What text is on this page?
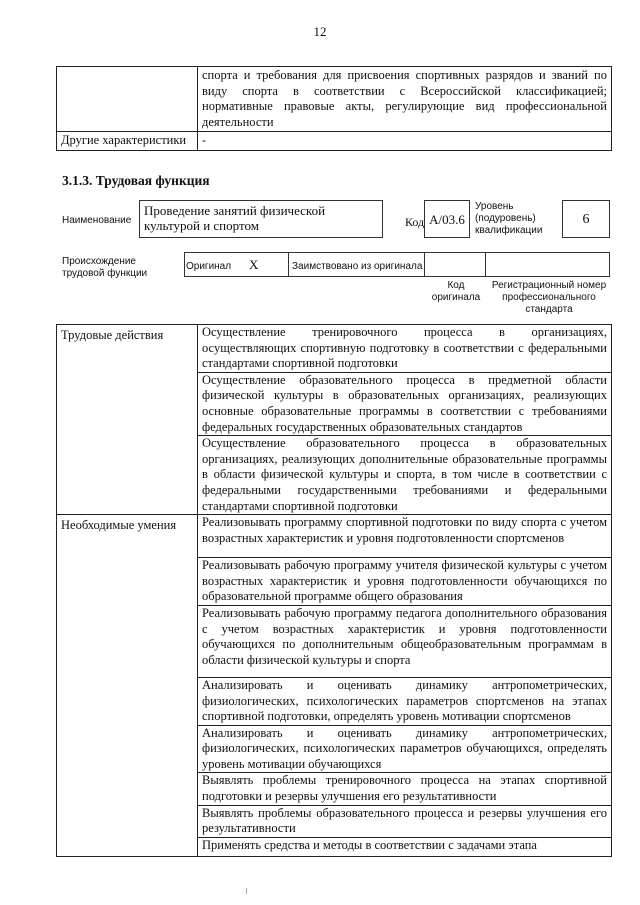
12
	спорта и требования для присвоения спортивных разрядов и званий по виду спорта в соответствии с Всероссийской классификацией; нормативные правовые акты, регулирующие вид профессиональной деятельности
Другие характеристики	-
3.1.3. Трудовая функция
Наименование
Проведение занятий физической культурой и спортом	Код A/03.6
Уровень (подуровень) квалификации
6
Происхождение трудовой функции
Оригинал X	Заимствовано из оригинала
Код оригинала
Регистрационный номер профессионального стандарта
Трудовые действия	Осуществление тренировочного процесса в организациях, осуществляющих спортивную подготовку в соответствии с федеральными стандартами спортивной подготовки
	Осуществление образовательного процесса в предметной области физической культуры в образовательных организациях, реализующих основные образовательные программы в соответствии с требованиями федеральных государственных образовательных стандартов
	Осуществление образовательного процесса в образовательных организациях, реализующих дополнительные образовательные программы в области физической культуры и спорта, в том числе в соответствии с федеральными государственными требованиями и федеральными стандартами спортивной подготовки
Необходимые умения	Реализовывать программу спортивной подготовки по виду спорта с учетом возрастных характеристик и уровня подготовленности спортсменов
	Реализовывать рабочую программу учителя физической культуры с учетом возрастных характеристик и уровня подготовленности обучающихся по образовательной программе общего образования
	Реализовывать рабочую программу педагога дополнительного образования с учетом возрастных характеристик и уровня подготовленности обучающихся по дополнительным общеобразовательным программам в области физической культуры и спорта
	Анализировать и оценивать динамику антропометрических, физиологических, психологических параметров спортсменов на этапах спортивной подготовки, определять уровень мотивации спортсменов
	Анализировать и оценивать динамику антропометрических, физиологических, психологических параметров обучающихся, определять уровень мотивации обучающихся
	Выявлять проблемы тренировочного процесса на этапах спортивной подготовки и резервы улучшения его результативности
	Выявлять проблемы образовательного процесса и резервы улучшения его результативности
	Применять средства и методы в соответствии с задачами этапа
